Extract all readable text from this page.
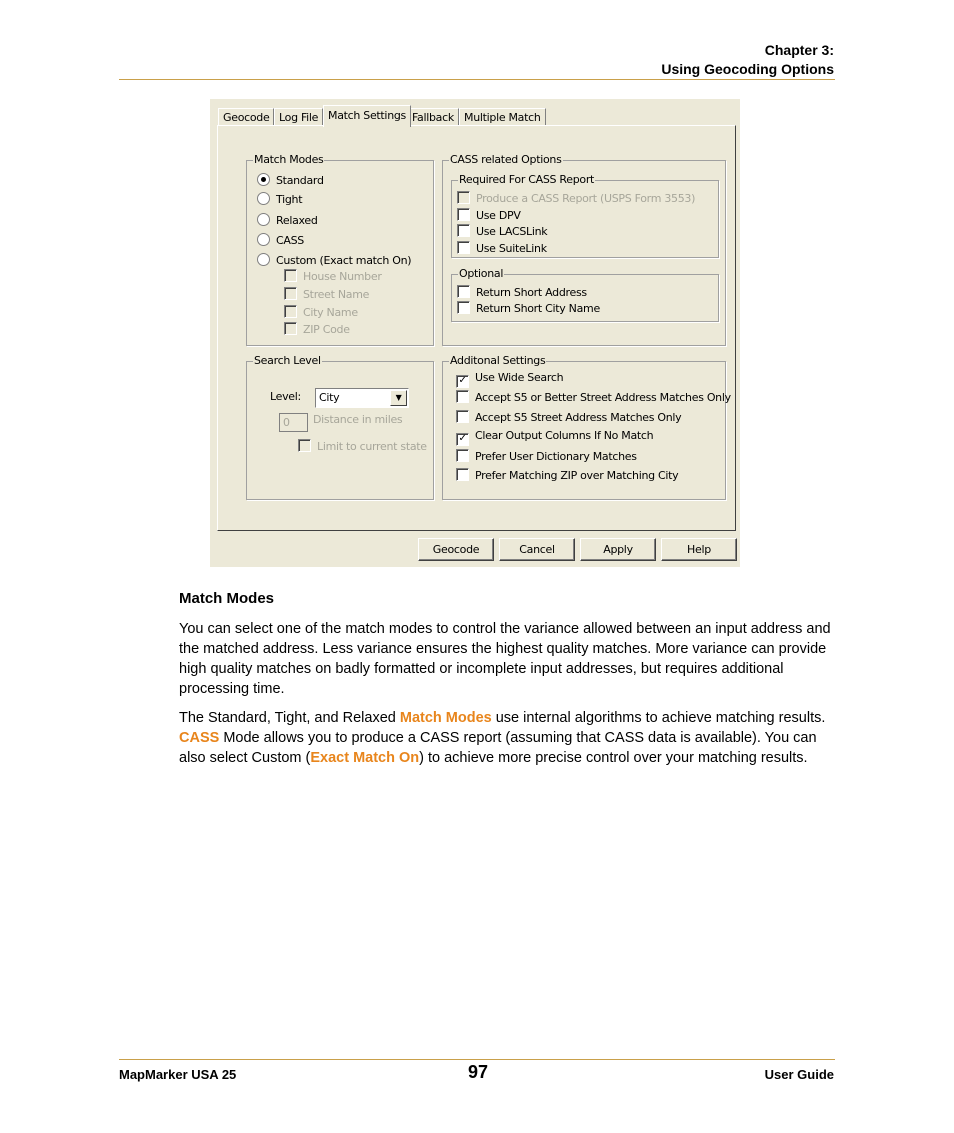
Chapter 3:
Using Geocoding Options
Geocode Log File Match Settings Fallback Multiple Match
Match Modes
Standard
Tight
Relaxed
CASS
Custom (Exact match On)
House Number
Street Name
City Name
ZIP Code
CASS related Options
Required For CASS Report
Produce a CASS Report (USPS Form 3553)
Use DPV
Use LACSLink
Use SuiteLink
Optional
Return Short Address
Return Short City Name
Search Level
Level: City	▼
0 Distance in miles
Limit to current state
Additonal Settings
✓ Use Wide Search
Accept S5 or Better Street Address Matches Only
Accept S5 Street Address Matches Only
✓ Clear Output Columns If No Match
Prefer User Dictionary Matches
Prefer Matching ZIP over Matching City
Geocode	Cancel	Apply	Help
Match Modes
You can select one of the match modes to control the variance allowed between an input address and the matched address. Less variance ensures the highest quality matches. More variance can provide high quality matches on badly formatted or incomplete input addresses, but requires additional processing time.
The Standard, Tight, and Relaxed Match Modes use internal algorithms to achieve matching results. CASS Mode allows you to produce a CASS report (assuming that CASS data is available). You can also select Custom (Exact Match On) to achieve more precise control over your matching results.
MapMarker USA 25	97	User Guide
